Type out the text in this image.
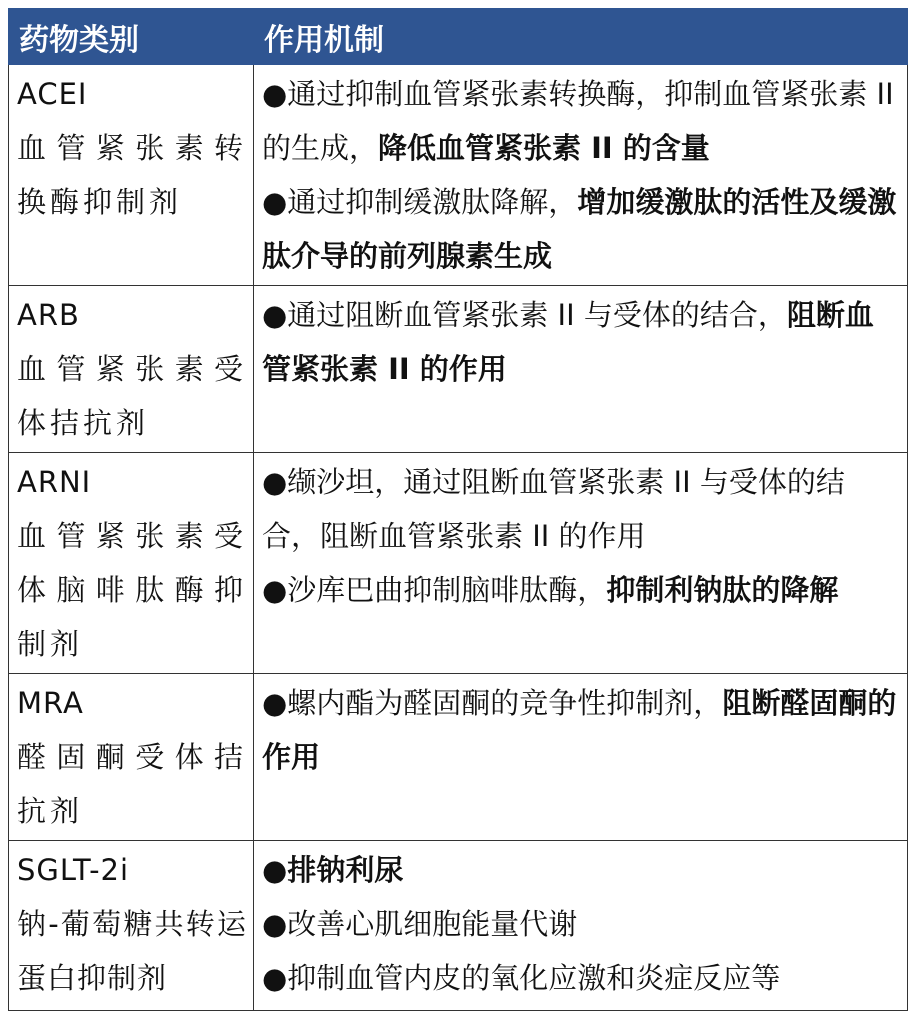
药物类别	作用机制

ACEI
血管紧张素转换酶抑制剂	●通过抑制血管紧张素转换酶，抑制血管紧张素 II 的生成，降低血管紧张素 II 的含量
●通过抑制缓激肽降解，增加缓激肽的活性及缓激肽介导的前列腺素生成

ARB
血管紧张素受体拮抗剂	●通过阻断血管紧张素 II 与受体的结合，阻断血管紧张素 II 的作用

ARNI
血管紧张素受体脑啡肽酶抑制剂	●缬沙坦，通过阻断血管紧张素 II 与受体的结合，阻断血管紧张素 II 的作用
●沙库巴曲抑制脑啡肽酶，抑制利钠肽的降解

MRA
醛固酮受体拮抗剂	●螺内酯为醛固酮的竞争性抑制剂，阻断醛固酮的作用

SGLT-2i
钠-葡萄糖共转运蛋白抑制剂	●排钠利尿
●改善心肌细胞能量代谢
●抑制血管内皮的氧化应激和炎症反应等
